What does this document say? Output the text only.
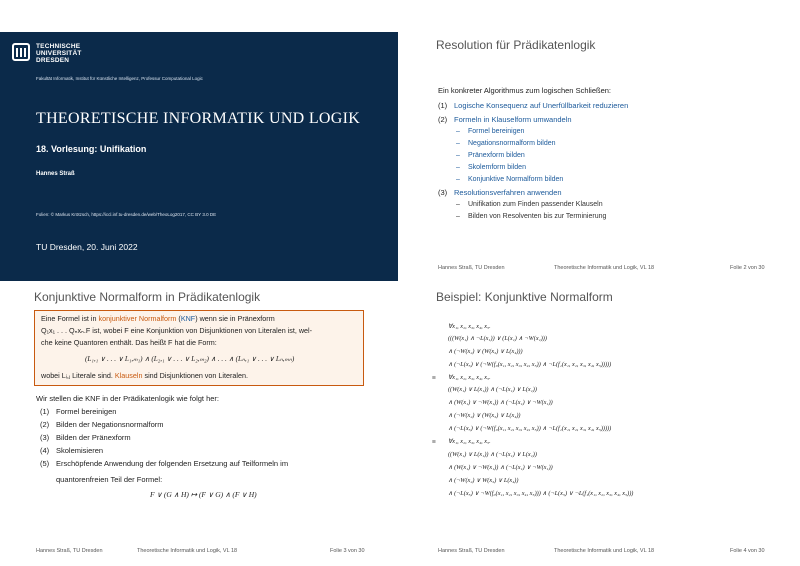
TECHNISCHE
UNIVERSITÄT
DRESDEN
Fakultät Informatik, Institut für Künstliche Intelligenz, Professur Computational Logic
THEORETISCHE INFORMATIK UND LOGIK
18. Vorlesung: Unifikation
Hannes Straß
Folien: © Markus Krötzsch, https://iccl.inf.tu-dresden.de/web/TheoLog2017, CC BY 3.0 DE
TU Dresden, 20. Juni 2022
Resolution für Prädikatenlogik
Ein konkreter Algorithmus zum logischen Schließen:
(1) Logische Konsequenz auf Unerfüllbarkeit reduzieren
(2) Formeln in Klauselform umwandeln
– Formel bereinigen
– Negationsnormalform bilden
– Pränexform bilden
– Skolemform bilden
– Konjunktive Normalform bilden
(3) Resolutionsverfahren anwenden
– Unifikation zum Finden passender Klauseln
– Bilden von Resolventen bis zur Terminierung
Hannes Straß, TU Dresden	Theoretische Informatik und Logik, VL 18	Folie 2 von 30
Konjunktive Normalform in Prädikatenlogik
Eine Formel ist in konjunktiver Normalform (KNF) wenn sie in Pränexform
Q₁x₁ . . . Qₙxₙ.F ist, wobei F eine Konjunktion von Disjunktionen von Literalen ist, wel-
che keine Quantoren enthält. Das heißt F hat die Form:
(L₁,₁ ∨ . . . ∨ L₁,ₘ₁) ∧ (L₂,₁ ∨ . . . ∨ L₂,ₘ₂) ∧ . . . ∧ (Lₙ,₁ ∨ . . . ∨ Lₙ,ₘₙ)
wobei Lᵢ,ⱼ Literale sind. Klauseln sind Disjunktionen von Literalen.
Wir stellen die KNF in der Prädikatenlogik wie folgt her:
(1) Formel bereinigen
(2) Bilden der Negationsnormalform
(3) Bilden der Pränexform
(4) Skolemisieren
(5) Erschöpfende Anwendung der folgenden Ersetzung auf Teilformeln im
quantorenfreien Teil der Formel:
F ∨ (G ∧ H) ↦ (F ∨ G) ∧ (F ∨ H)
Hannes Straß, TU Dresden	Theoretische Informatik und Logik, VL 18	Folie 3 von 30
Beispiel: Konjunktive Normalform
∀x₁, x₂, x₃, x₄, x₅.
(((W(x₁) ∧ ¬L(x₁)) ∨ (L(x₁) ∧ ¬W(x₁)))
∧ (¬W(x₂) ∨ (W(x₃) ∨ L(x₄)))
∧ (¬L(x₅) ∨ (¬W(f₀(x₁, x₂, x₃, x₄, x₅)) ∧ ¬L(f₁(x₁, x₂, x₃, x₄, x₅)))))
≡ ∀x₁, x₂, x₃, x₄, x₅.
((W(x₁) ∨ L(x₁)) ∧ (¬L(x₁) ∨ L(x₁))
∧ (W(x₁) ∨ ¬W(x₁)) ∧ (¬L(x₁) ∨ ¬W(x₁))
∧ (¬W(x₂) ∨ (W(x₃) ∨ L(x₄))
∧ (¬L(x₅) ∨ (¬W(f₀(x₁, x₂, x₃, x₄, x₅)) ∧ ¬L(f₁(x₁, x₂, x₃, x₄, x₅)))))
≡ ∀x₁, x₂, x₃, x₄, x₅.
((W(x₁) ∨ L(x₁)) ∧ (¬L(x₁) ∨ L(x₁))
∧ (W(x₁) ∨ ¬W(x₁)) ∧ (¬L(x₁) ∨ ¬W(x₁))
∧ (¬W(x₂) ∨ W(x₃) ∨ L(x₄))
∧ (¬L(x₅) ∨ ¬W(f₀(x₁, x₂, x₃, x₄, x₅))) ∧ (¬L(x₅) ∨ ¬L(f₁(x₁, x₂, x₃, x₄, x₅)))
Hannes Straß, TU Dresden	Theoretische Informatik und Logik, VL 18	Folie 4 von 30
